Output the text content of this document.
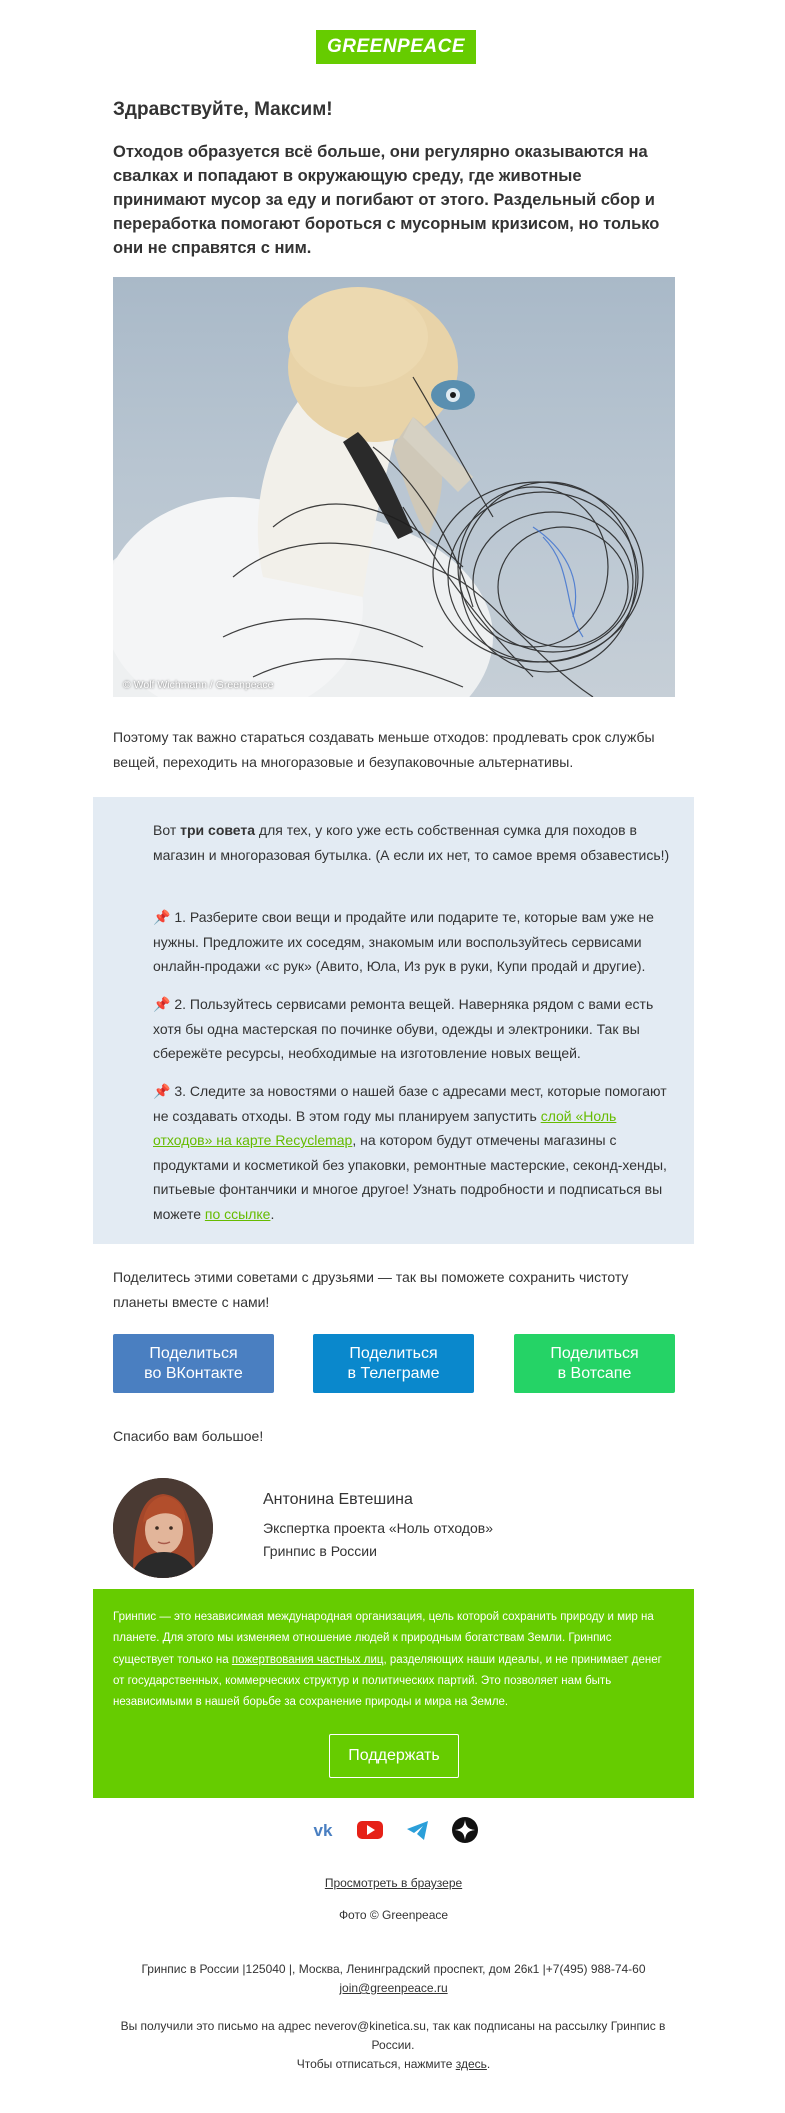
GREENPEACE

Здравствуйте, Максим!

Отходов образуется всё больше, они регулярно оказываются на свалках и попадают в окружающую среду, где животные принимают мусор за еду и погибают от этого. Раздельный сбор и переработка помогают бороться с мусорным кризисом, но только они не справятся с ним.

© Wolf Wichmann / Greenpeace

Поэтому так важно стараться создавать меньше отходов: продлевать срок службы вещей, переходить на многоразовые и безупаковочные альтернативы.

Вот три совета для тех, у кого уже есть собственная сумка для походов в магазин и многоразовая бутылка. (А если их нет, то самое время обзавестись!)

📌 1. Разберите свои вещи и продайте или подарите те, которые вам уже не нужны. Предложите их соседям, знакомым или воспользуйтесь сервисами онлайн-продажи «с рук» (Авито, Юла, Из рук в руки, Купи продай и другие).

📌 2. Пользуйтесь сервисами ремонта вещей. Наверняка рядом с вами есть хотя бы одна мастерская по починке обуви, одежды и электроники. Так вы сбережёте ресурсы, необходимые на изготовление новых вещей.

📌 3. Следите за новостями о нашей базе с адресами мест, которые помогают не создавать отходы. В этом году мы планируем запустить слой «Ноль отходов» на карте Recyclemap, на котором будут отмечены магазины с продуктами и косметикой без упаковки, ремонтные мастерские, секонд-хенды, питьевые фонтанчики и многое другое! Узнать подробности и подписаться вы можете по ссылке.

Поделитесь этими советами с друзьями — так вы поможете сохранить чистоту планеты вместе с нами!

Поделиться
во ВКонтакте
Поделиться
в Телеграме
Поделиться
в Вотсапе

Спасибо вам большое!

Антонина Евтешина
Экспертка проекта «Ноль отходов»
Гринпис в России

Гринпис — это независимая международная организация, цель которой сохранить природу и мир на планете. Для этого мы изменяем отношение людей к природным богатствам Земли. Гринпис существует только на пожертвования частных лиц, разделяющих наши идеалы, и не принимает денег от государственных, коммерческих структур и политических партий. Это позволяет нам быть независимыми в нашей борьбе за сохранение природы и мира на Земле.

Поддержать
vk

Просмотреть в браузере

Фото © Greenpeace

Гринпис в России |125040 |, Москва, Ленинградский проспект, дом 26к1 |+7(495) 988-74-60

join@greenpeace.ru

Вы получили это письмо на адрес neverov@kinetica.su, так как подписаны на рассылку Гринпис в России.

Чтобы отписаться, нажмите здесь.
